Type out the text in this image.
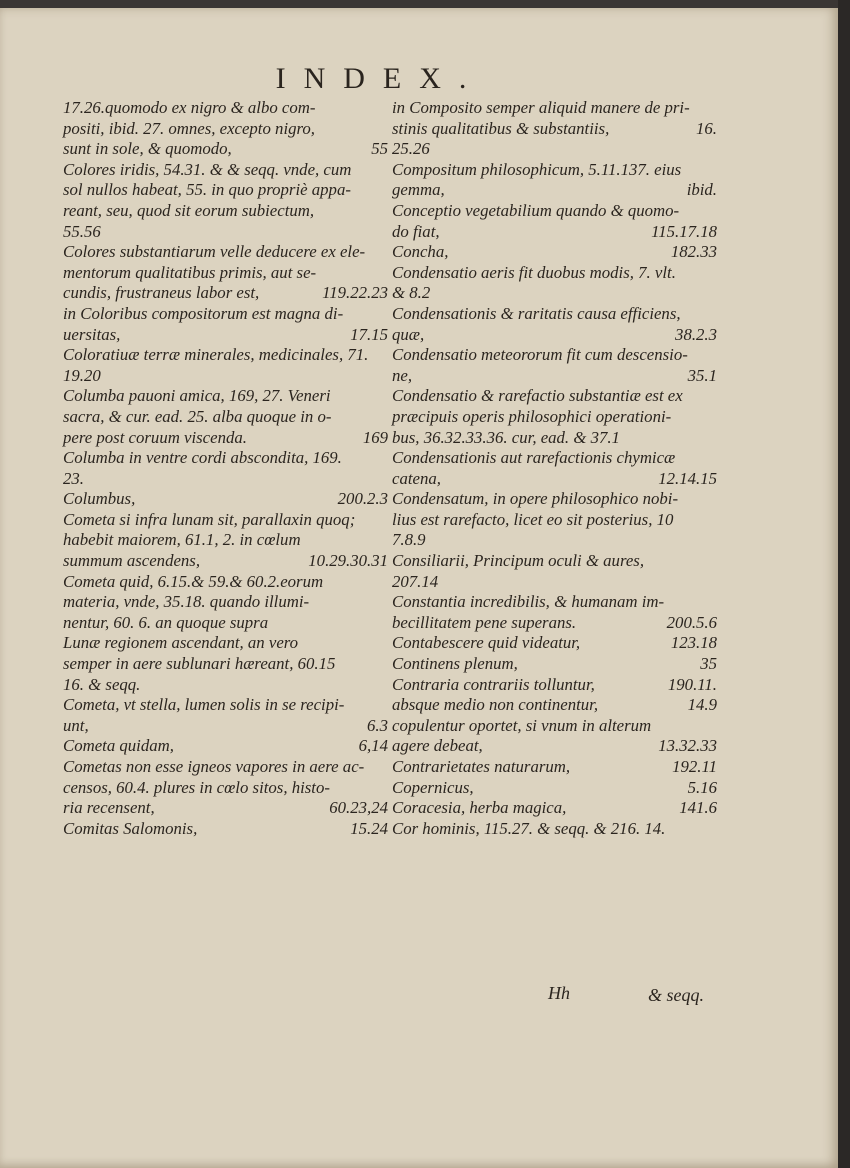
INDEX.
17.26.quomodo ex nigro & albo com-
positi, ibid. 27. omnes, excepto nigro,
sunt in sole, & quomodo,	55
Colores iridis, 54.31. & & seqq. vnde, cum
sol nullos habeat, 55. in quo propriè appa-
reant, seu, quod sit eorum subiectum,
55.56
Colores substantiarum velle deducere ex ele-
mentorum qualitatibus primis, aut se-
cundis, frustraneus labor est,	119.22.23
in Coloribus compositorum est magna di-
uersitas,	17.15
Coloratiuæ terræ minerales, medicinales, 71.
19.20
Columba pauoni amica, 169, 27. Veneri
sacra, & cur. ead. 25. alba quoque in o-
pere post coruum viscenda.	169
Columba in ventre cordi abscondita, 169.
23.
Columbus,	200.2.3
Cometa si infra lunam sit, parallaxin quoq;
habebit maiorem, 61.1, 2. in cœlum
summum ascendens,	10.29.30.31
Cometa quid, 6.15.& 59.& 60.2.eorum
materia, vnde, 35.18. quando illumi-
nentur, 60. 6. an quoque supra
Lunæ regionem ascendant, an vero
semper in aere sublunari hæreant, 60.15
16. & seqq.
Cometa, vt stella, lumen solis in se recipi-
unt,	6.3
Cometa quidam,	6,14
Cometas non esse igneos vapores in aere ac-
censos, 60.4. plures in cœlo sitos, histo-
ria recensent,	60.23,24
Comitas Salomonis,	15.24
in Composito semper aliquid manere de pri-
stinis qualitatibus & substantiis,	16.
25.26
Compositum philosophicum, 5.11.137. eius
gemma,	ibid.
Conceptio vegetabilium quando & quomo-
do fiat,	115.17.18
Concha,	182.33
Condensatio aeris fit duobus modis, 7. vlt.
& 8.2
Condensationis & raritatis causa efficiens,
quæ,	38.2.3
Condensatio meteororum fit cum descensio-
ne,	35.1
Condensatio & rarefactio substantiæ est ex
præcipuis operis philosophici operationi-
bus, 36.32.33.36. cur, ead. & 37.1
Condensationis aut rarefactionis chymicæ
catena,	12.14.15
Condensatum, in opere philosophico nobi-
lius est rarefacto, licet eo sit posterius, 10
7.8.9
Consiliarii, Principum oculi & aures,
207.14
Constantia incredibilis, & humanam im-
becillitatem pene superans.	200.5.6
Contabescere quid videatur,	123.18
Continens plenum,	35
Contraria contrariis tolluntur,	190.11.
absque medio non continentur,	14.9
copulentur oportet, si vnum in alterum
agere debeat,	13.32.33
Contrarietates naturarum,	192.11
Copernicus,	5.16
Coracesia, herba magica,	141.6
Cor hominis, 115.27. & seqq. & 216. 14.
Hh	& seqq.
